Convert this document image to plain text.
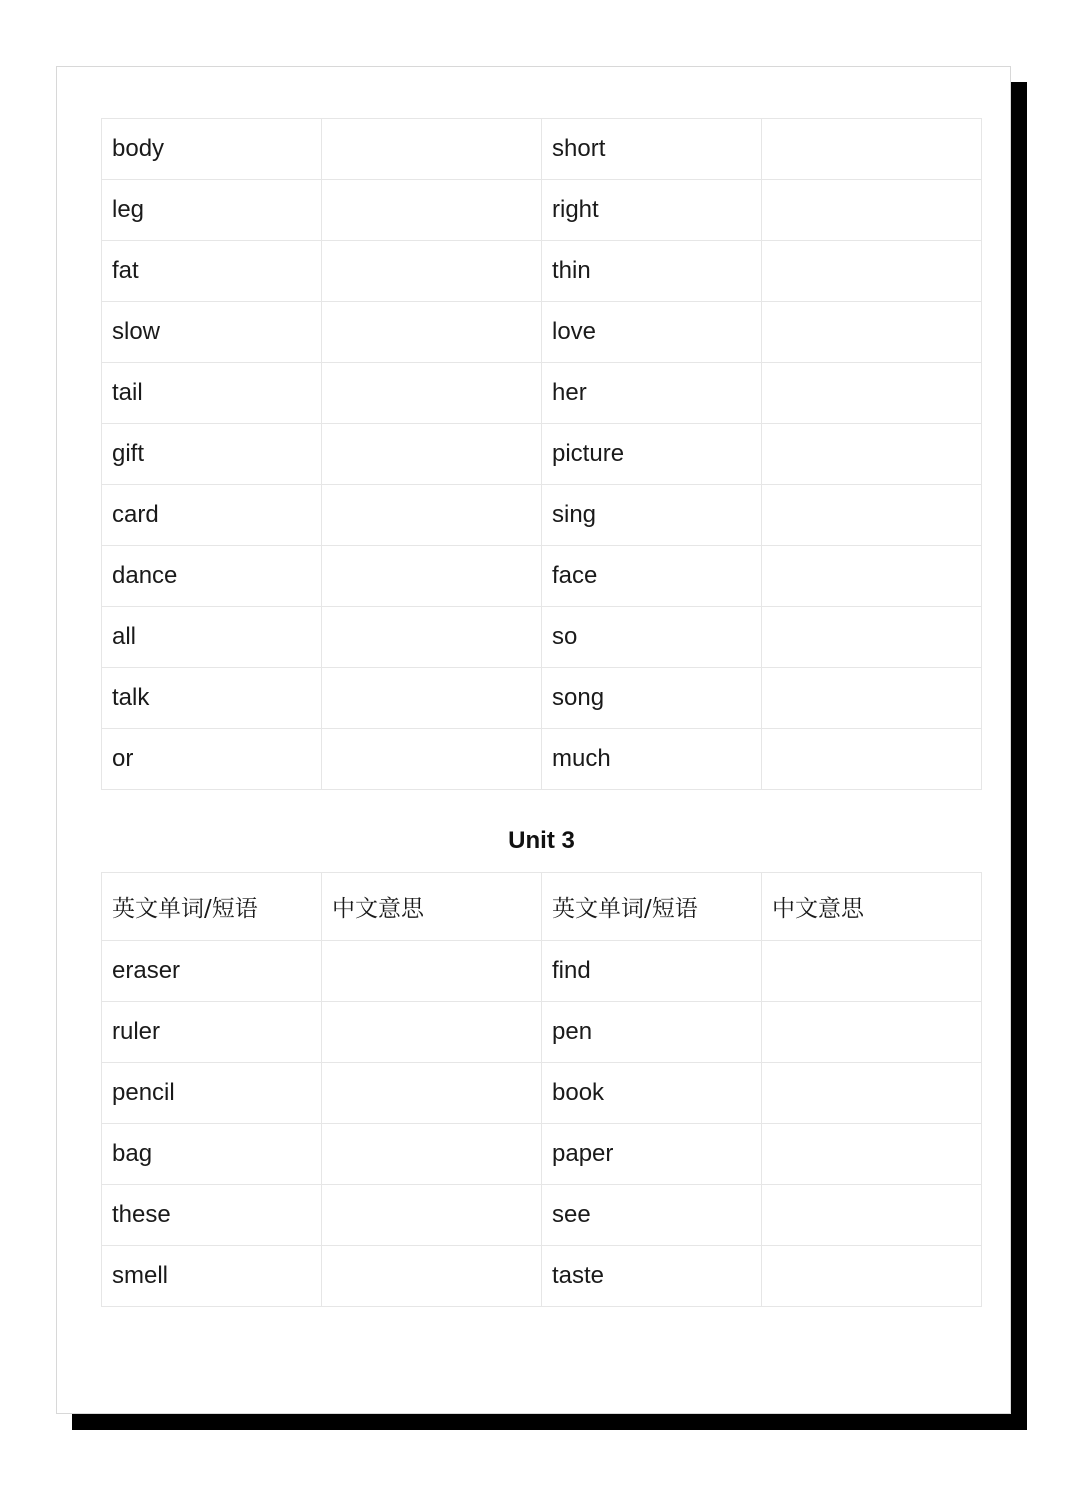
body		short	
leg		right	
fat		thin	
slow		love	
tail		her	
gift		picture	
card		sing	
dance		face	
all		so	
talk		song	
or		much	
Unit 3
英文单词/短语	中文意思	英文单词/短语	中文意思
eraser		find	
ruler		pen	
pencil		book	
bag		paper	
these		see	
smell		taste	
